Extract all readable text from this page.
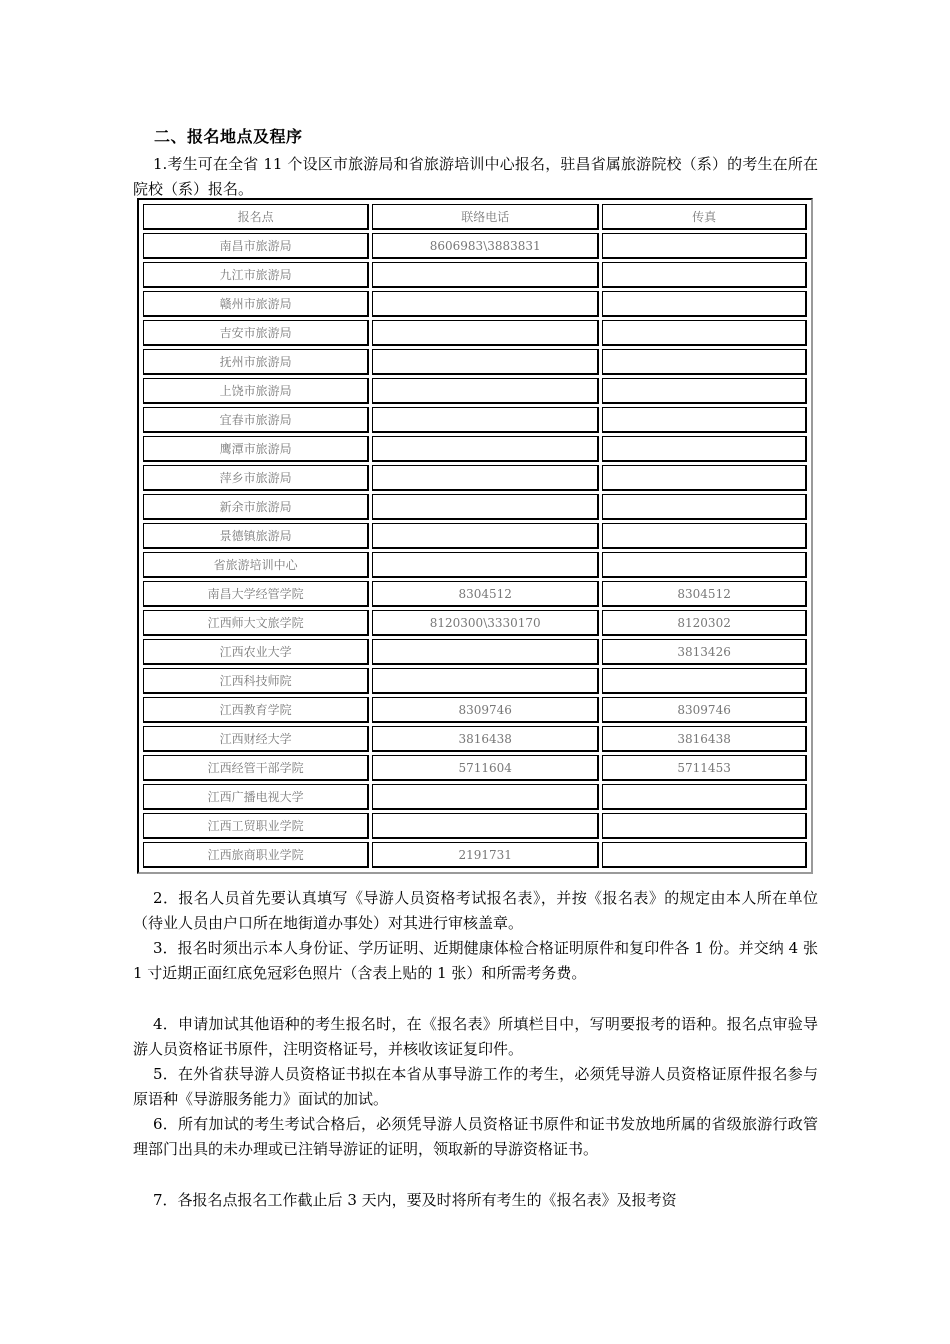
二、报名地点及程序
1.考生可在全省 11 个设区市旅游局和省旅游培训中心报名，驻昌省属旅游院校（系）的考生在所在院校（系）报名。
报名点	联络电话	传真
南昌市旅游局	8606983\3883831	
九江市旅游局		
赣州市旅游局		
吉安市旅游局		
抚州市旅游局		
上饶市旅游局		
宜春市旅游局		
鹰潭市旅游局		
萍乡市旅游局		
新余市旅游局		
景德镇旅游局		
省旅游培训中心		
南昌大学经管学院	8304512	8304512
江西师大文旅学院	8120300\3330170	8120302
江西农业大学		3813426
江西科技师院		
江西教育学院	8309746	8309746
江西财经大学	3816438	3816438
江西经管干部学院	5711604	5711453
江西广播电视大学		
江西工贸职业学院		
江西旅商职业学院	2191731	
2．报名人员首先要认真填写《导游人员资格考试报名表》，并按《报名表》的规定由本人所在单位（待业人员由户口所在地街道办事处）对其进行审核盖章。
3．报名时须出示本人身份证、学历证明、近期健康体检合格证明原件和复印件各 1 份。并交纳 4 张 1 寸近期正面红底免冠彩色照片（含表上贴的 1 张）和所需考务费。
4．申请加试其他语种的考生报名时，在《报名表》所填栏目中，写明要报考的语种。报名点审验导游人员资格证书原件，注明资格证号，并核收该证复印件。
5．在外省获导游人员资格证书拟在本省从事导游工作的考生，必须凭导游人员资格证原件报名参与原语种《导游服务能力》面试的加试。
6．所有加试的考生考试合格后，必须凭导游人员资格证书原件和证书发放地所属的省级旅游行政管理部门出具的未办理或已注销导游证的证明，领取新的导游资格证书。
7．各报名点报名工作截止后 3 天内，要及时将所有考生的《报名表》及报考资
